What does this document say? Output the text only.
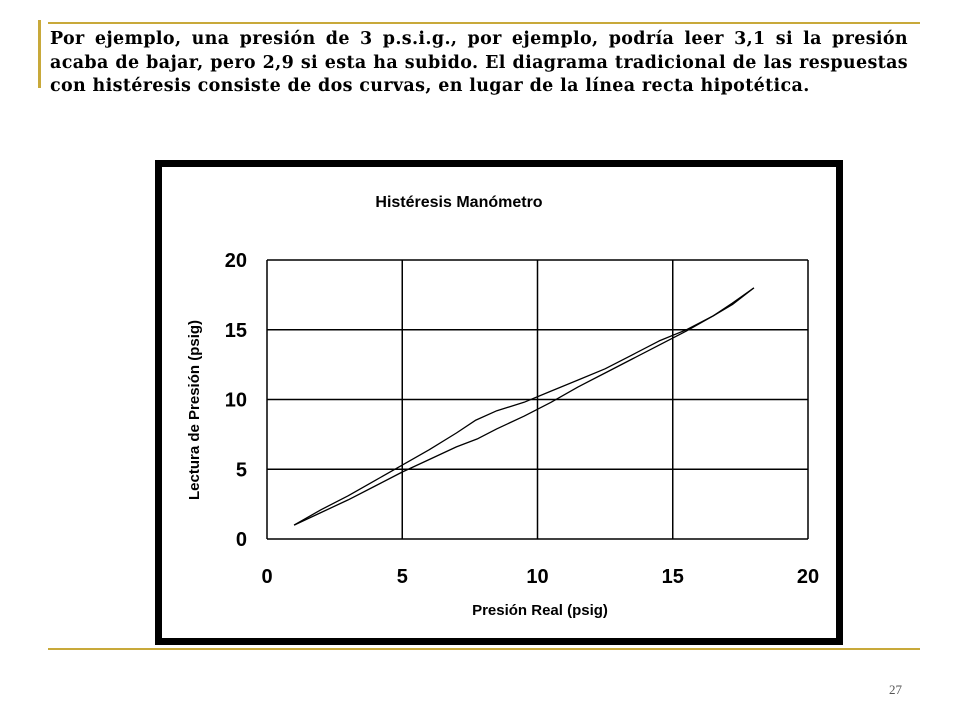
Por ejemplo, una presión de 3 p.s.i.g., por ejemplo, podría leer 3,1 si la presión acaba de bajar, pero 2,9 si esta ha subido. El diagrama tradicional de las respuestas con histéresis consiste de dos curvas, en lugar de la línea recta hipotética.

Histéresis Manómetro
0
5
10
15
20
0	5	10	15	20
Presión Real (psig)
Lectura de Presión (psig)
27
